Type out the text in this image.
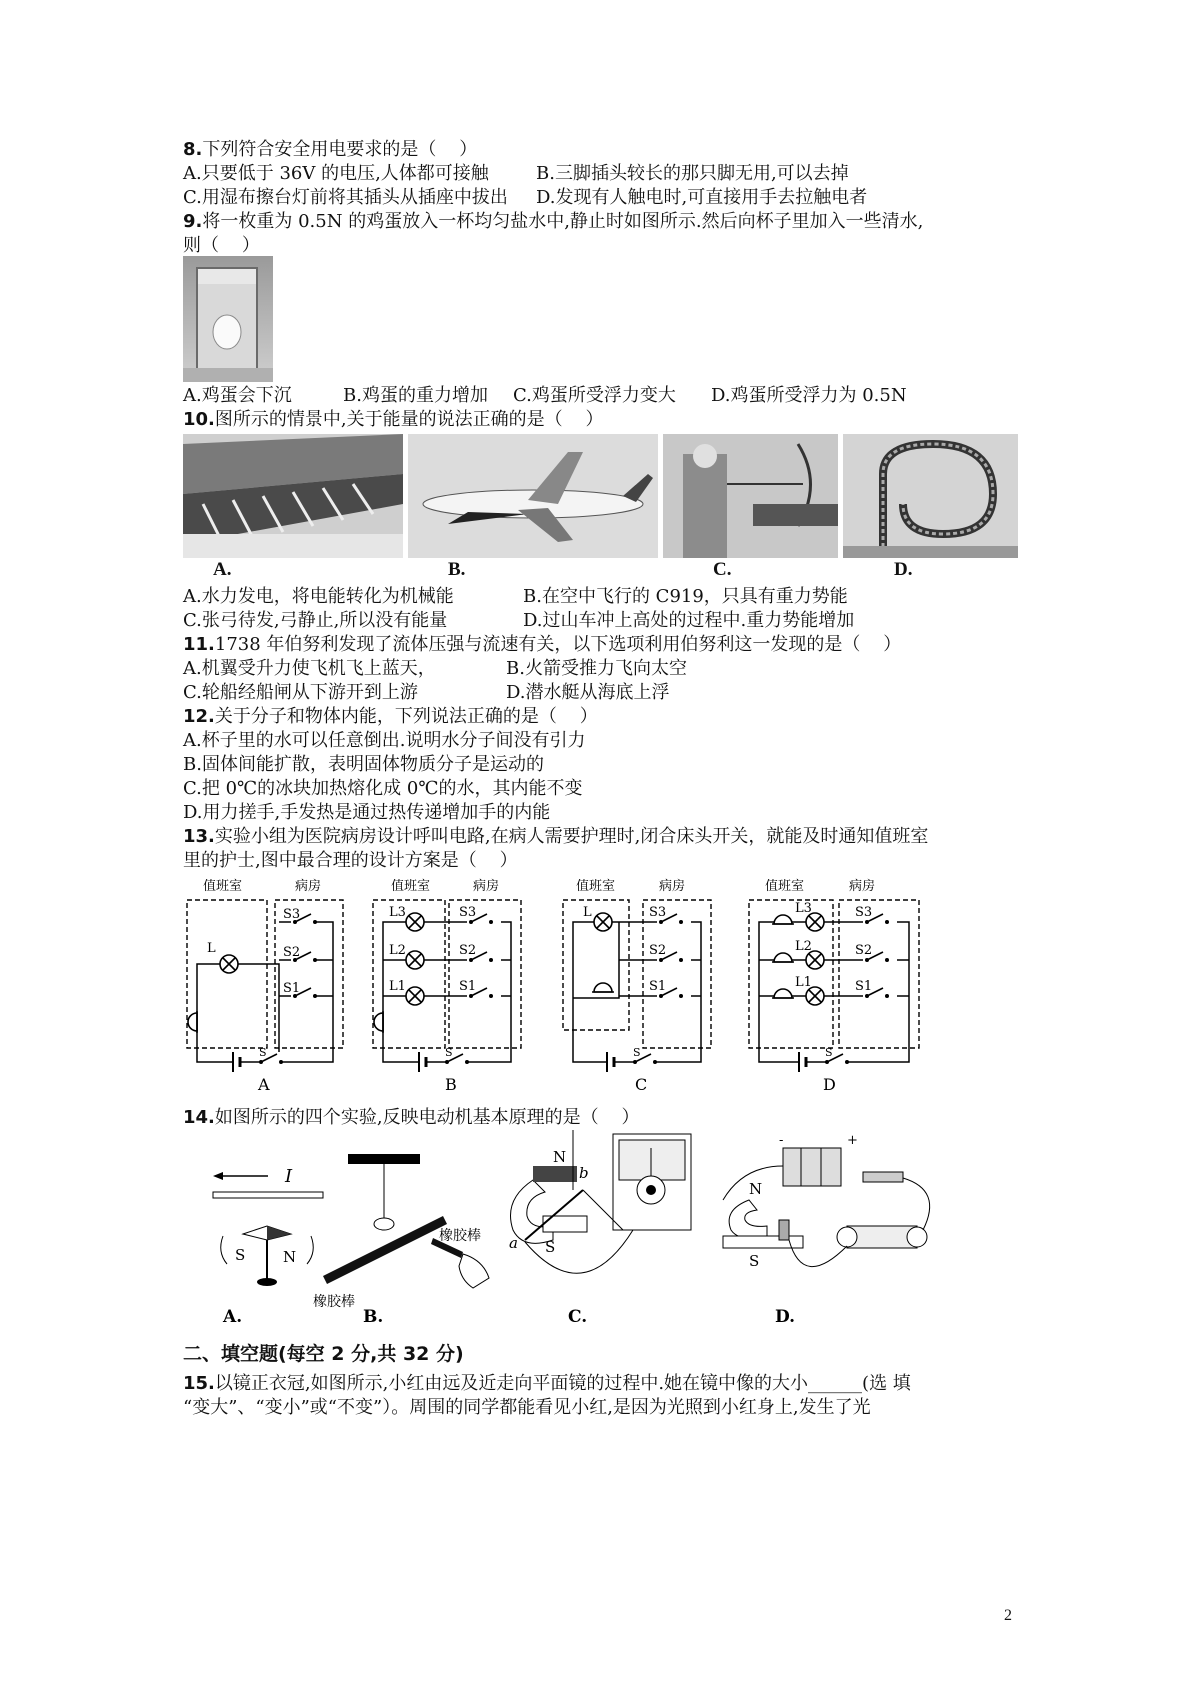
8.下列符合安全用电要求的是（    ）
A.只要低于 36V 的电压,人体都可接触	B.三脚插头较长的那只脚无用,可以去掉
C.用湿布擦台灯前将其插头从插座中拔出 D.发现有人触电时,可直接用手去拉触电者
9.将一枚重为 0.5N 的鸡蛋放入一杯均匀盐水中,静止时如图所示.然后向杯子里加入一些清水,
则（    ）
A.鸡蛋会下沉	B.鸡蛋的重力增加 C.鸡蛋所受浮力变大 D.鸡蛋所受浮力为 0.5N
10.图所示的情景中,关于能量的说法正确的是（    ）
A.	B.	C.	D.
A.水力发电，将电能转化为机械能	B.在空中飞行的 C919，只具有重力势能
C.张弓待发,弓静止,所以没有能量	D.过山车冲上高处的过程中.重力势能增加
11.1738 年伯努利发现了流体压强与流速有关，以下选项利用伯努利这一发现的是（    ）
A.机翼受升力使飞机飞上蓝天，	B.火箭受推力飞向太空
C.轮船经船闸从下游开到上游	D.潜水艇从海底上浮
12.关于分子和物体内能，下列说法正确的是（    ）
A.杯子里的水可以任意倒出.说明水分子间没有引力
B.固体间能扩散，表明固体物质分子是运动的
C.把 0℃的冰块加热熔化成 0℃的水，其内能不变
D.用力搓手,手发热是通过热传递增加手的内能
13.实验小组为医院病房设计呼叫电路,在病人需要护理时,闭合床头开关，就能及时通知值班室
里的护士,图中最合理的设计方案是（    ）
值班室	病房
L
S3
S2
S1
S
A
值班室	病房
L3
L2
L1
S3
S2
S1
S
B
值班室	病房
L	S3
S2
S1
S
C
值班室	病房
L3
L2
L1
S3
S2
S1
S
D
14.如图所示的四个实验,反映电动机基本原理的是（    ）
I
S	N
A.
橡胶棒
橡胶棒
B.
N
S
b
a
C.
+
-
N
S
D.
二、填空题(每空 2 分,共 32 分)
15.以镜正衣冠,如图所示,小红由远及近走向平面镜的过程中.她在镜中像的大小______(选 填
“变大”、“变小”或“不变”）。周围的同学都能看见小红,是因为光照到小红身上,发生了光
2
